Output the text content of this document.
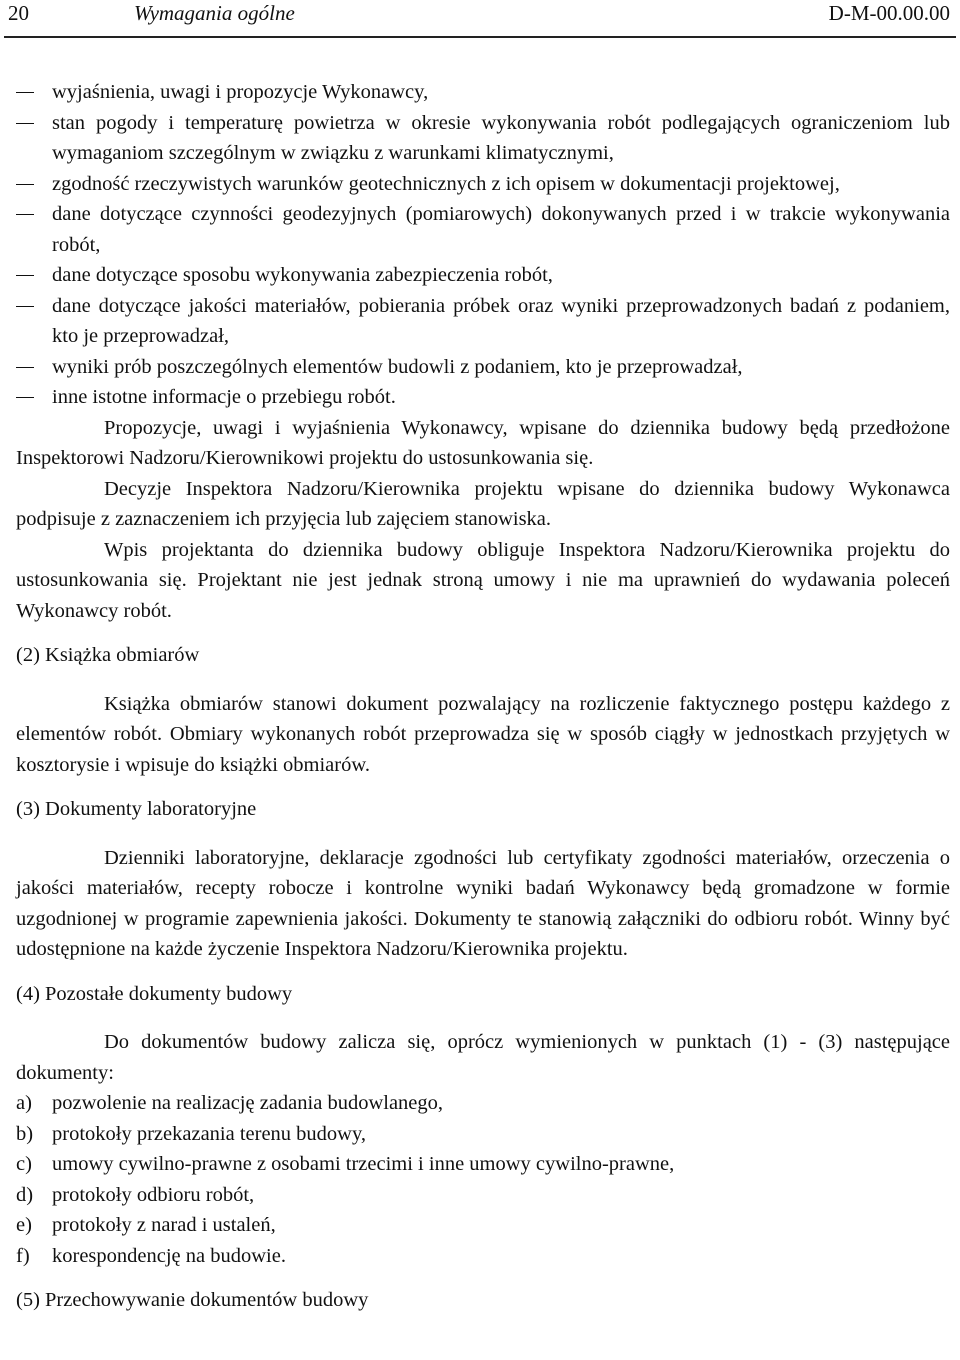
20	Wymagania ogólne	D-M-00.00.00
wyjaśnienia, uwagi i propozycje Wykonawcy,
stan pogody i temperaturę powietrza w okresie wykonywania robót podlegających ograniczeniom lub wymaganiom szczególnym w związku z warunkami klimatycznymi,
zgodność rzeczywistych warunków geotechnicznych z ich opisem w dokumentacji projektowej,
dane dotyczące czynności geodezyjnych (pomiarowych) dokonywanych przed i w trakcie wykonywania robót,
dane dotyczące sposobu wykonywania zabezpieczenia robót,
dane dotyczące jakości materiałów, pobierania próbek oraz wyniki przeprowadzonych badań z podaniem, kto je przeprowadzał,
wyniki prób poszczególnych elementów budowli z podaniem, kto je przeprowadzał,
inne istotne informacje o przebiegu robót.

Propozycje, uwagi i wyjaśnienia Wykonawcy, wpisane do dziennika budowy będą przedłożone Inspektorowi Nadzoru/Kierownikowi projektu do ustosunkowania się.

Decyzje Inspektora Nadzoru/Kierownika projektu wpisane do dziennika budowy Wykonawca podpisuje z zaznaczeniem ich przyjęcia lub zajęciem stanowiska.

Wpis projektanta do dziennika budowy obliguje Inspektora Nadzoru/Kierownika projektu do ustosunkowania się. Projektant nie jest jednak stroną umowy i nie ma uprawnień do wydawania poleceń Wykonawcy robót.

(2) Książka obmiarów

Książka obmiarów stanowi dokument pozwalający na rozliczenie faktycznego postępu każdego z elementów robót. Obmiary wykonanych robót przeprowadza się w sposób ciągły w jednostkach przyjętych w kosztorysie i wpisuje do książki obmiarów.

(3) Dokumenty laboratoryjne

Dzienniki laboratoryjne, deklaracje zgodności lub certyfikaty zgodności materiałów, orzeczenia o jakości materiałów, recepty robocze i kontrolne wyniki badań Wykonawcy będą gromadzone w formie uzgodnionej w programie zapewnienia jakości. Dokumenty te stanowią załączniki do odbioru robót. Winny być udostępnione na każde życzenie Inspektora Nadzoru/Kierownika projektu.

(4) Pozostałe dokumenty budowy

Do dokumentów budowy zalicza się, oprócz wymienionych w punktach (1) - (3) następujące dokumenty:

a) pozwolenie na realizację zadania budowlanego,
b) protokoły przekazania terenu budowy,
c) umowy cywilno-prawne z osobami trzecimi i inne umowy cywilno-prawne,
d) protokoły odbioru robót,
e) protokoły z narad i ustaleń,
f) korespondencję na budowie.

(5) Przechowywanie dokumentów budowy
